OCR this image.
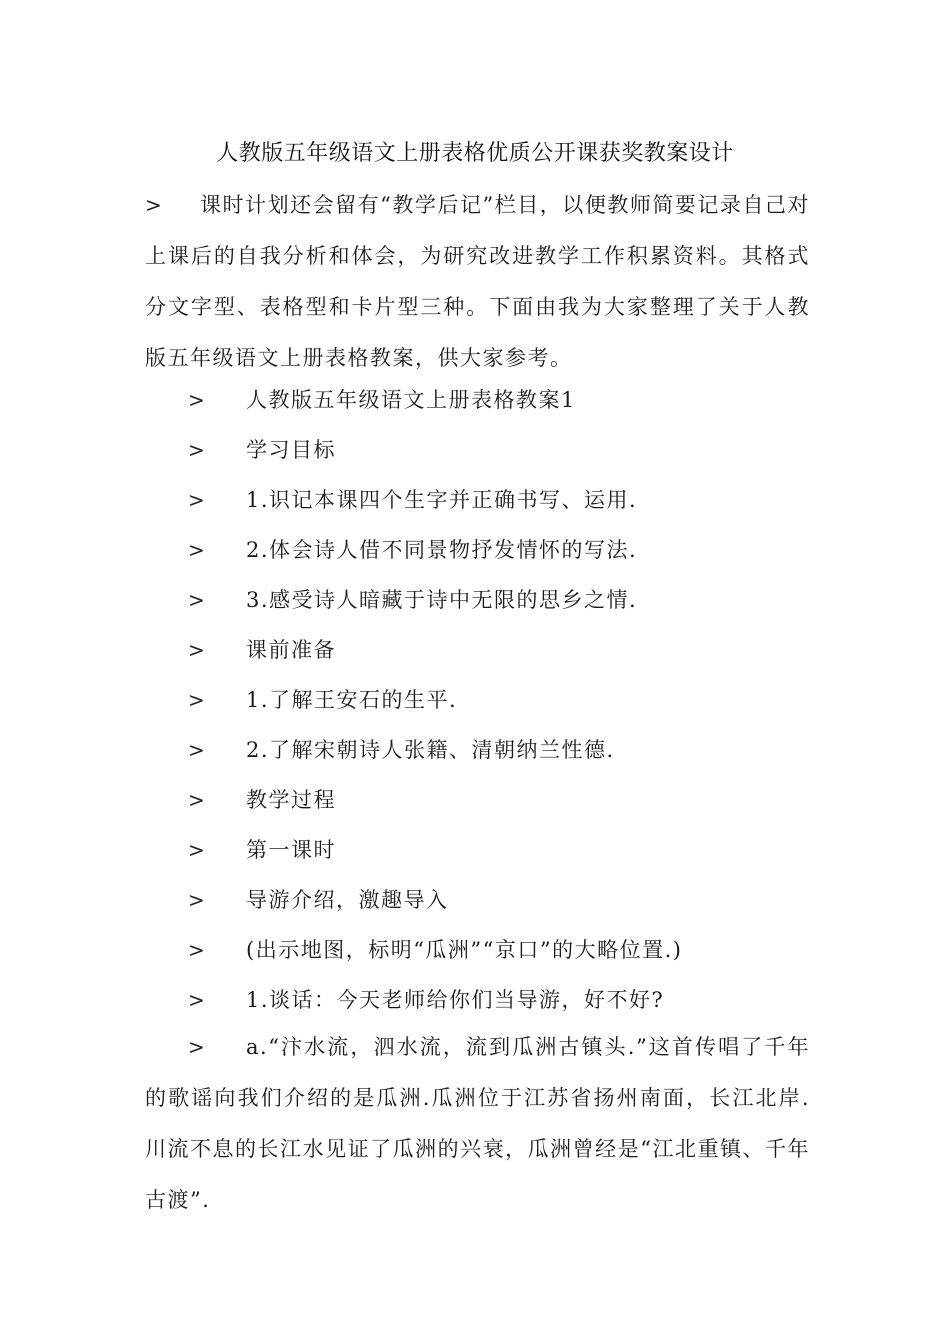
人教版五年级语文上册表格优质公开课获奖教案设计
> 课时计划还会留有“教学后记”栏目，以便教师简要记录自己对上课后的自我分析和体会，为研究改进教学工作积累资料。其格式分文字型、表格型和卡片型三种。下面由我为大家整理了关于人教版五年级语文上册表格教案，供大家参考。
> 人教版五年级语文上册表格教案1
> 学习目标
> 1.识记本课四个生字并正确书写、运用.
> 2.体会诗人借不同景物抒发情怀的写法.
> 3.感受诗人暗藏于诗中无限的思乡之情.
> 课前准备
> 1.了解王安石的生平.
> 2.了解宋朝诗人张籍、清朝纳兰性德.
> 教学过程
> 第一课时
> 导游介绍，激趣导入
> (出示地图，标明“瓜洲”“京口”的大略位置.)
> 1.谈话：今天老师给你们当导游，好不好?
> a.“汴水流，泗水流，流到瓜洲古镇头.”这首传唱了千年的歌谣向我们介绍的是瓜洲.瓜洲位于江苏省扬州南面，长江北岸.川流不息的长江水见证了瓜洲的兴衰，瓜洲曾经是“江北重镇、千年古渡”.
